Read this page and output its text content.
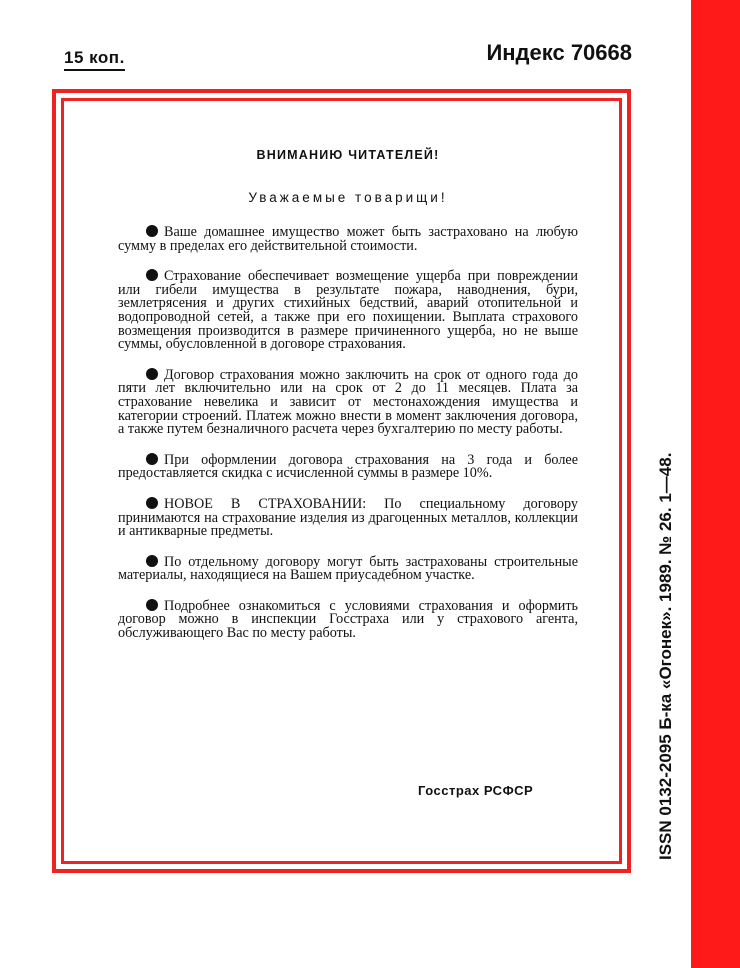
15 коп.	Индекс 70668
ВНИМАНИЮ ЧИТАТЕЛЕЙ!
Уважаемые товарищи!

Ваше домашнее имущество может быть застраховано на любую сумму в пределах его действительной стоимости.

Страхование обеспечивает возмещение ущерба при повреждении или гибели имущества в результате пожара, наводнения, бури, землетрясения и других стихийных бедствий, аварий отопительной и водопроводной сетей, а также при его похищении. Выплата страхового возмещения производится в размере причиненного ущерба, но не выше суммы, обусловленной в договоре страхования.

Договор страхования можно заключить на срок от одного года до пяти лет включительно или на срок от 2 до 11 месяцев. Плата за страхование невелика и зависит от местонахождения имущества и категории строений. Платеж можно внести в момент заключения договора, а также путем безналичного расчета через бухгалтерию по месту работы.

При оформлении договора страхования на 3 года и более предоставляется скидка с исчисленной суммы в размере 10%.

НОВОЕ В СТРАХОВАНИИ: По специальному договору принимаются на страхование изделия из драгоценных металлов, коллекции и антикварные предметы.

По отдельному договору могут быть застрахованы строительные материалы, находящиеся на Вашем приусадебном участке.

Подробнее ознакомиться с условиями страхования и оформить договор можно в инспекции Госстраха или у страхового агента, обслуживающего Вас по месту работы.

Госстрах РСФСР	ISSN 0132-2095 Б-ка «Огонек». 1989. № 26. 1—48.
